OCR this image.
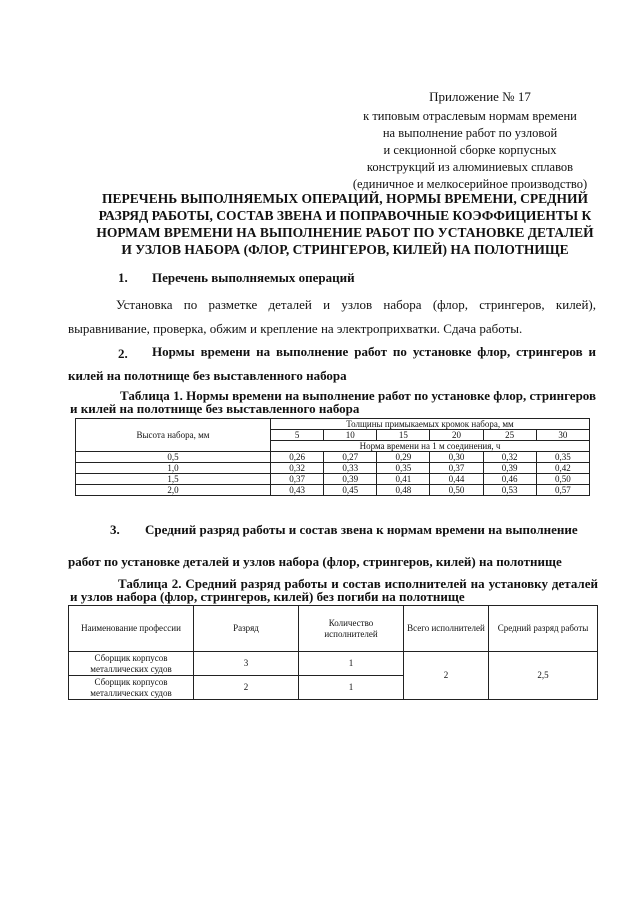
Приложение № 17
к типовым отраслевым нормам времени
на выполнение работ по узловой
и секционной сборке корпусных
конструкций из алюминиевых сплавов
(единичное и мелкосерийное производство)
ПЕРЕЧЕНЬ ВЫПОЛНЯЕМЫХ ОПЕРАЦИЙ, НОРМЫ ВРЕМЕНИ, СРЕДНИЙ РАЗРЯД РАБОТЫ, СОСТАВ ЗВЕНА И ПОПРАВОЧНЫЕ КОЭФФИЦИЕНТЫ К НОРМАМ ВРЕМЕНИ НА ВЫПОЛНЕНИЕ РАБОТ ПО УСТАНОВКЕ ДЕТАЛЕЙ И УЗЛОВ НАБОРА (ФЛОР, СТРИНГЕРОВ, КИЛЕЙ) НА ПОЛОТНИЩЕ
1. Перечень выполняемых операций
Установка по разметке деталей и узлов набора (флор, стрингеров, килей), выравнивание, проверка, обжим и крепление на электроприхватки. Сдача работы.
2.	Нормы времени на выполнение работ по установке флор, стрингеров и килей на полотнище без выставленного набора
Таблица 1. Нормы времени на выполнение работ по установке флор, стрингеров и килей на полотнище без выставленного набора
Высота набора, мм	Толщины примыкаемых кромок набора, мм					
	5	10	15	20	25	30
	Норма времени на 1 м соединения, ч					
0,5	0,26	0,27	0,29	0,30	0,32	0,35
1,0	0,32	0,33	0,35	0,37	0,39	0,42
1,5	0,37	0,39	0,41	0,44	0,46	0,50
2,0	0,43	0,45	0,48	0,50	0,53	0,57
3. Средний разряд работы и состав звена к нормам времени на выполнение
работ по установке деталей и узлов набора (флор, стрингеров, килей) на полотнище
Таблица 2. Средний разряд работы и состав исполнителей на установку деталей и узлов набора (флор, стрингеров, килей) без погиби на полотнище
Наименование профессии	Разряд	Количество исполнителей	Всего исполнителей	Средний разряд работы
Сборщик корпусов металлических судов	3	1	2	2,5
Сборщик корпусов металлических судов	2	1		
